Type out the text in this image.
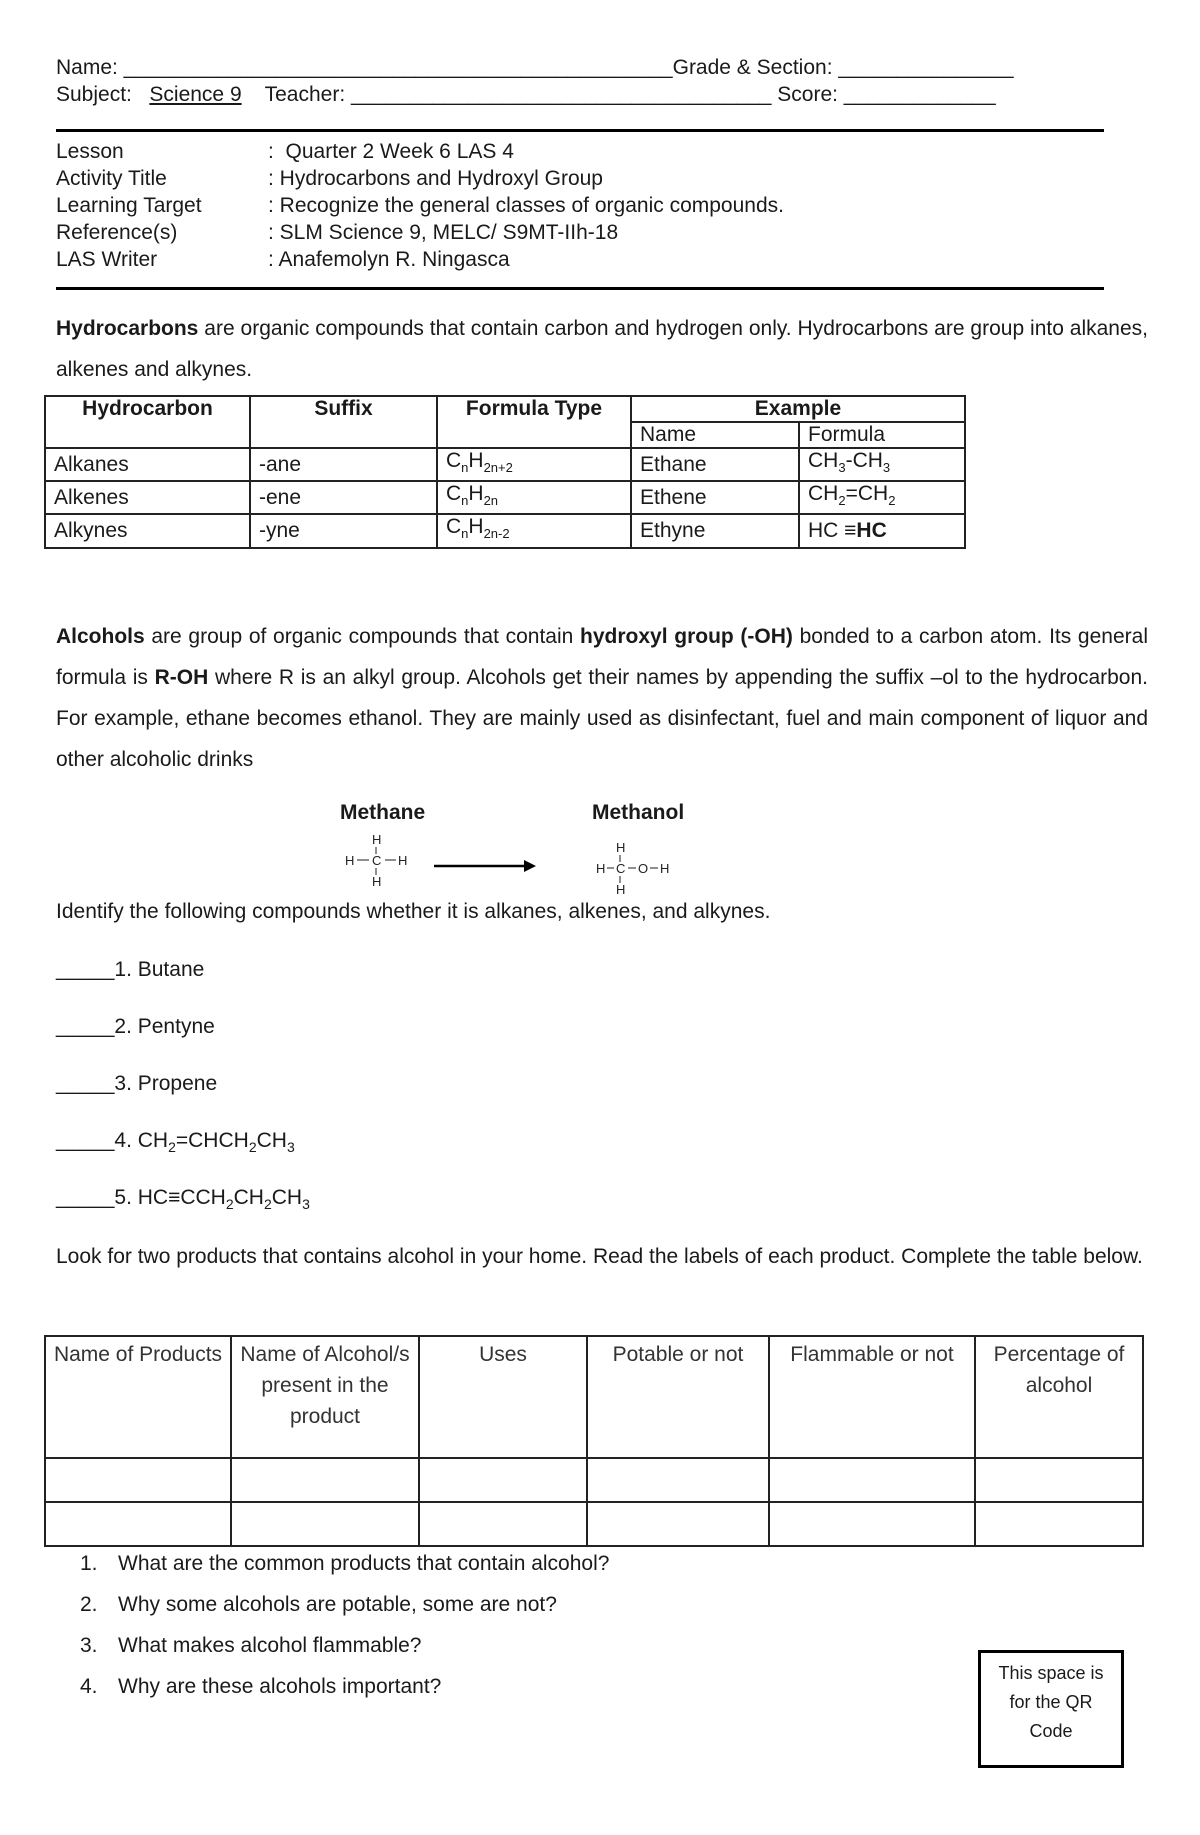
Name: _______________________________________________Grade & Section: _______________
Subject: Science 9 Teacher: ____________________________________ Score: _____________
Lesson	:  Quarter 2 Week 6 LAS 4
Activity Title	: Hydrocarbons and Hydroxyl Group
Learning Target	: Recognize the general classes of organic compounds.
Reference(s)	: SLM Science 9, MELC/ S9MT-IIh-18
LAS Writer	: Anafemolyn R. Ningasca
Hydrocarbons are organic compounds that contain carbon and hydrogen only. Hydrocarbons are group into alkanes, alkenes and alkynes.
Hydrocarbon	Suffix	Formula Type	Example	
			Name	Formula
Alkanes	-ane	$C_nH_{2n+2}$	Ethane	$CH_3-CH_3$
Alkenes	-ene	$C_nH_{2n}$	Ethene	$CH_2=CH_2$
Alkynes	-yne	$C_nH_{2n-2}$	Ethyne	HC ≡HC
Alcohols are group of organic compounds that contain hydroxyl group (-OH) bonded to a carbon atom. Its general formula is R-OH where R is an alkyl group. Alcohols get their names by appending the suffix –ol to the hydrocarbon. For example, ethane becomes ethanol. They are mainly used as disinfectant, fuel and main component of liquor and other alcoholic drinks
Methane	Methanol
H
H C H
H
H
H C O H
H
Identify the following compounds whether it is alkanes, alkenes, and alkynes.
_____1. Butane
_____2. Pentyne
_____3. Propene
_____4. $CH_2=CHCH_2CH_3$
_____5. $HC\equiv CCH_2CH_2CH_3$
Look for two products that contains alcohol in your home. Read the labels of each product. Complete the table below.
Name of Products	Name of Alcohol/s present in the product	Uses	Potable or not	Flammable or not	Percentage of alcohol

1. What are the common products that contain alcohol?
2. Why some alcohols are potable, some are not?
3. What makes alcohol flammable?
4. Why are these alcohols important?
This space is
for the QR
Code
